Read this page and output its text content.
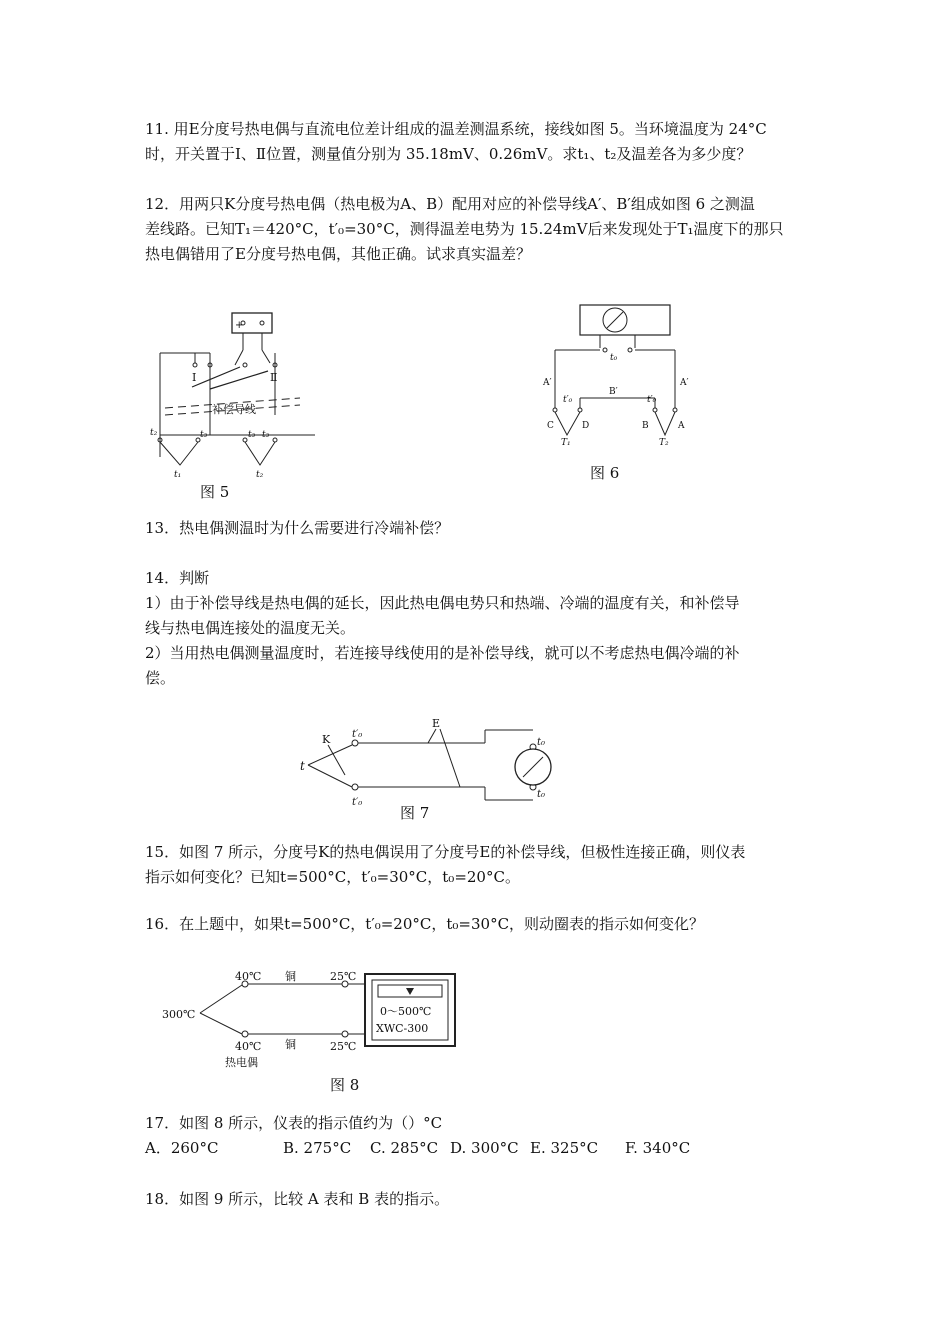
11. 用E分度号热电偶与直流电位差计组成的温差测温系统，接线如图 5。当环境温度为 24°C

时，开关置于Ⅰ、Ⅱ位置，测量值分别为 35.18mV、0.26mV。求t₁、t₂及温差各为多少度？

12．用两只K分度号热电偶（热电极为A、B）配用对应的补偿导线A′、B′组成如图 6 之测温

差线路。已知T₁＝420°C，t′₀=30°C，测得温差电势为 15.24mV后来发现处于T₁温度下的那只

热电偶错用了E分度号热电偶，其他正确。试求真实温差？

+
Ⅰ	Ⅱ
补偿导线
t₂	t₃	t₃ t₃
t₁	t₂
图 5
t₀
A′	A′
B′
t′₀	t′₀
C	D	B	A
T₁	T₂
图 6

13．热电偶测温时为什么需要进行冷端补偿？

14．判断

1）由于补偿导线是热电偶的延长，因此热电偶电势只和热端、冷端的温度有关，和补偿导

线与热电偶连接处的温度无关。

2）当用热电偶测量温度时，若连接导线使用的是补偿导线，就可以不考虑热电偶冷端的补

偿。

t
K t′₀
t′₀
E
t₀
t₀
图 7

15．如图 7 所示，分度号K的热电偶误用了分度号E的补偿导线，但极性连接正确，则仪表

指示如何变化？已知t=500°C，t′₀=30°C，t₀=20°C。

16．在上题中，如果t=500°C，t′₀=20°C，t₀=30°C，则动圈表的指示如何变化？

300℃
40℃
40℃
热电偶
铜
铜
25℃
25℃
0～500℃
XWC-300
图 8

17．如图 8 所示，仪表的指示值约为（）°C

A．260°C	B. 275°C C. 285°C D. 300°C E. 325°C F. 340°C

18．如图 9 所示，比较 A 表和 B 表的指示。
